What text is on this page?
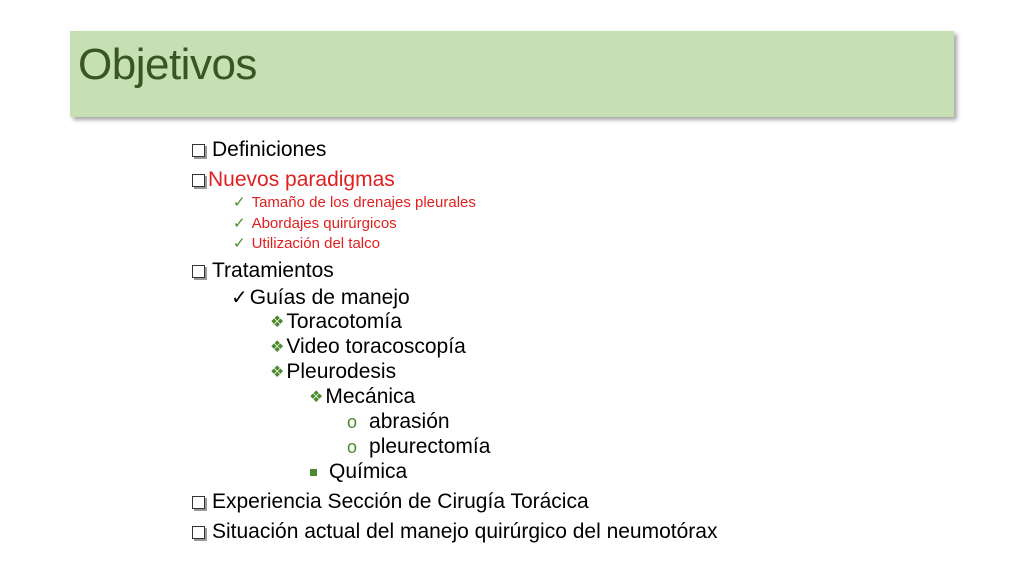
Objetivos
Definiciones
Nuevos paradigmas
✓ Tamaño de los drenajes pleurales
✓ Abordajes quirúrgicos
✓ Utilización del talco
Tratamientos
✓ Guías de manejo
❖ Toracotomía
❖ Video toracoscopía
❖ Pleurodesis
❖ Mecánica
o abrasión
o pleurectomía
Química
Experiencia Sección de Cirugía Torácica
Situación actual del manejo quirúrgico del neumotórax
